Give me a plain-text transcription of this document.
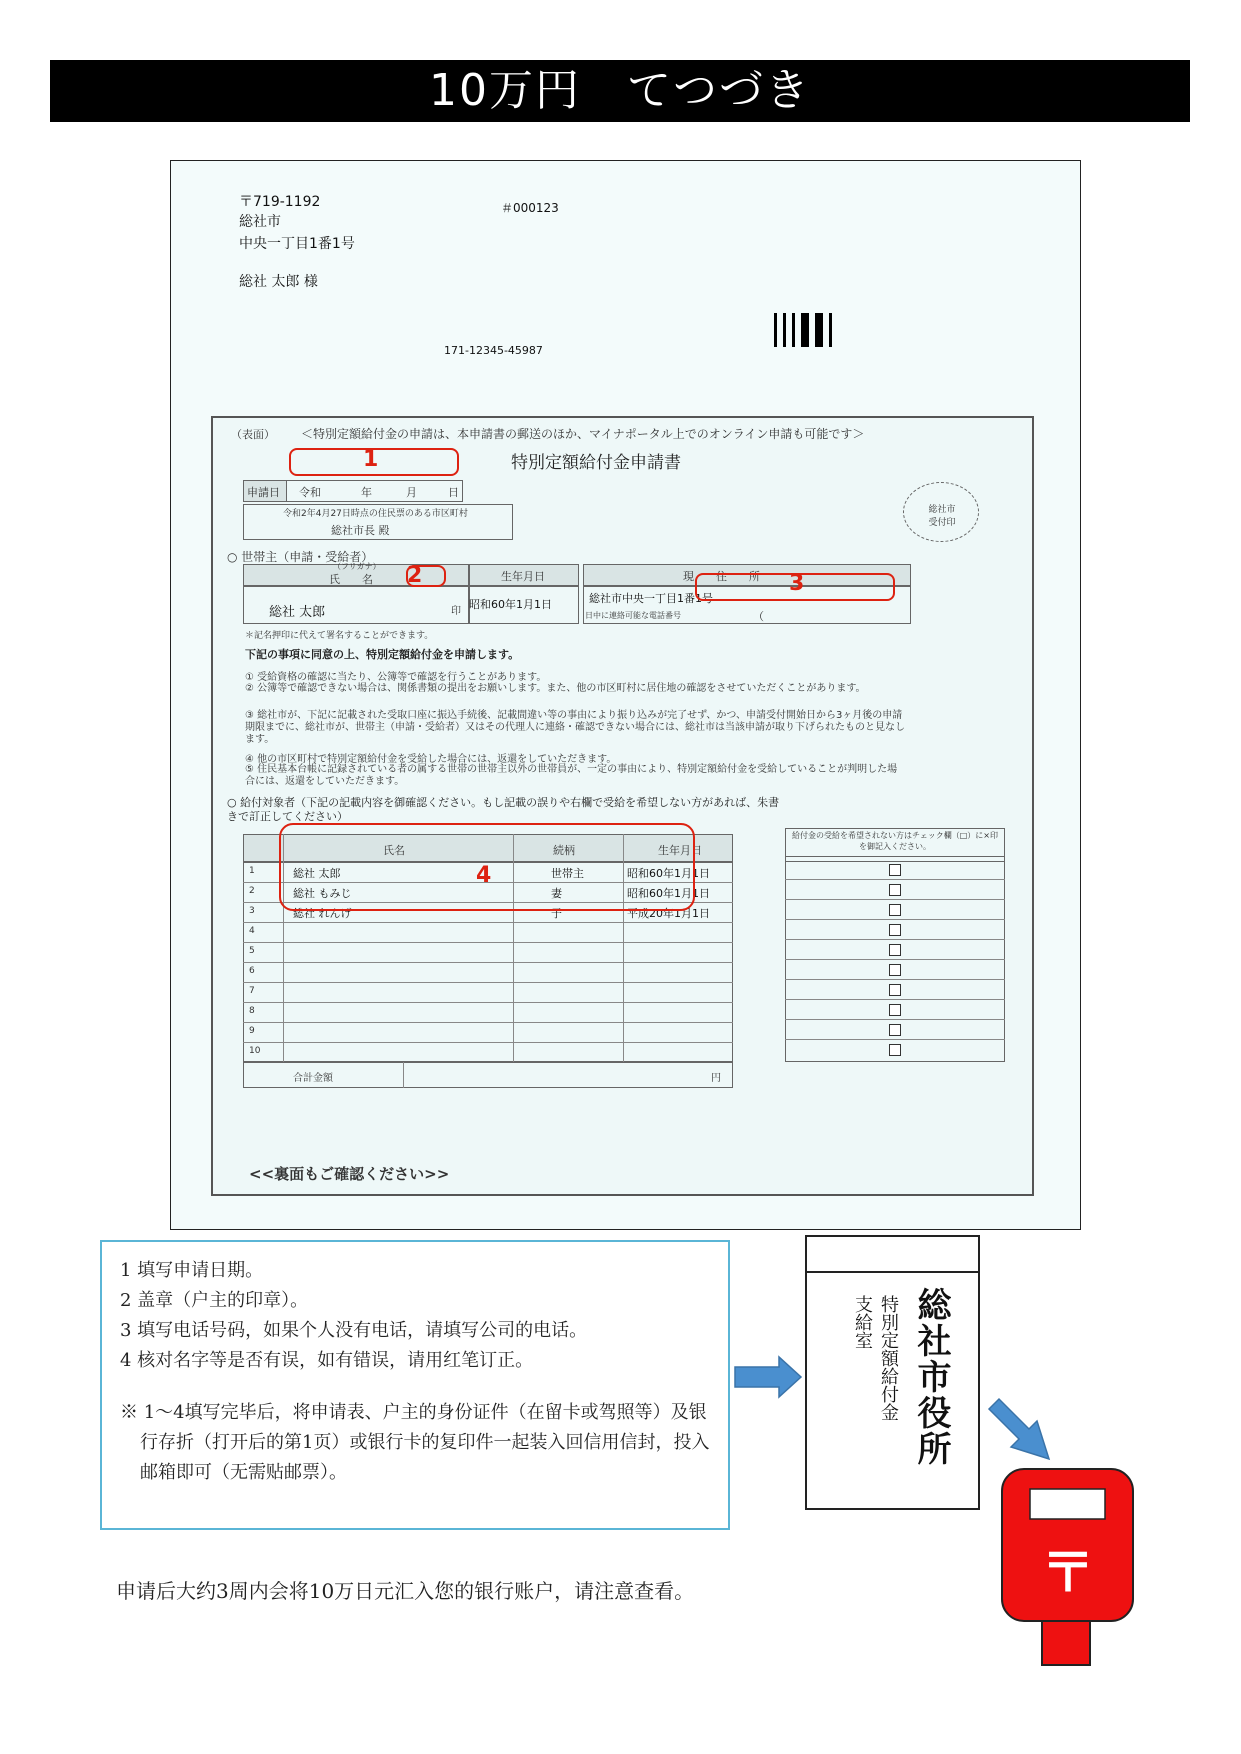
10万円　てつづき
〒719-1192
総社市
中央一丁目1番1号
総社 太郎 様
＃000123
171-12345-45987
（表面） ＜特別定額給付金の申請は、本申請書の郵送のほか、マイナポータル上でのオンライン申請も可能です＞
特別定額給付金申請書
申請日 令和	年	月	日
令和2年4月27日時点の住民票のある市区町村
総社市長 殿
総社市受付印
○ 世帯主（申請・受給者）
（フリガナ）
氏　　名	生年月日	現　　住　　所
総社 太郎	印
昭和60年1月1日	総社市中央一丁目1番1号
日中に連絡可能な電話番号	（
＊記名押印に代えて署名することができます。
下記の事項に同意の上、特別定額給付金を申請します。
① 受給資格の確認に当たり、公簿等で確認を行うことがあります。
② 公簿等で確認できない場合は、関係書類の提出をお願いします。また、他の市区町村に居住地の確認をさせていただくことがあります。
③ 総社市が、下記に記載された受取口座に振込手続後、記載間違い等の事由により振り込みが完了せず、かつ、申請受付開始日から3ヶ月後の申請期限までに、総社市が、世帯主（申請・受給者）又はその代理人に連絡・確認できない場合には、総社市は当該申請が取り下げられたものと見なします。
④ 他の市区町村で特別定額給付金を受給した場合には、返還をしていただきます。
⑤ 住民基本台帳に記録されている者の属する世帯の世帯主以外の世帯員が、一定の事由により、特別定額給付金を受給していることが判明した場合には、返還をしていただきます。
○ 給付対象者（下記の記載内容を御確認ください。もし記載の誤りや右欄で受給を希望しない方があれば、朱書きで訂正してください）
氏名	続柄	生年月日
給付金の受給を希望されない方はチェック欄（□）に×印を御記入ください。
1	総社 太郎	世帯主	昭和60年1月1日
2	総社 もみじ	妻	昭和60年1月1日
3	総社 れんげ	子	平成20年1月1日
4
5
6
7
8
9
10
合計金額	円
<<裏面もご確認ください>>
1
2	3
4
1 填写申请日期。
2 盖章（户主的印章）。
3 填写电话号码，如果个人没有电话，请填写公司的电话。
4 核对名字等是否有误，如有错误，请用红笔订正。
※ 1～4填写完毕后，将申请表、户主的身份证件（在留卡或驾照等）及银行存折（打开后的第1页）或银行卡的复印件一起装入回信用信封，投入邮箱即可（无需贴邮票）。
総社市役所
特別定額給付金
支給室
〒
申请后大约3周内会将10万日元汇入您的银行账户，请注意查看。
